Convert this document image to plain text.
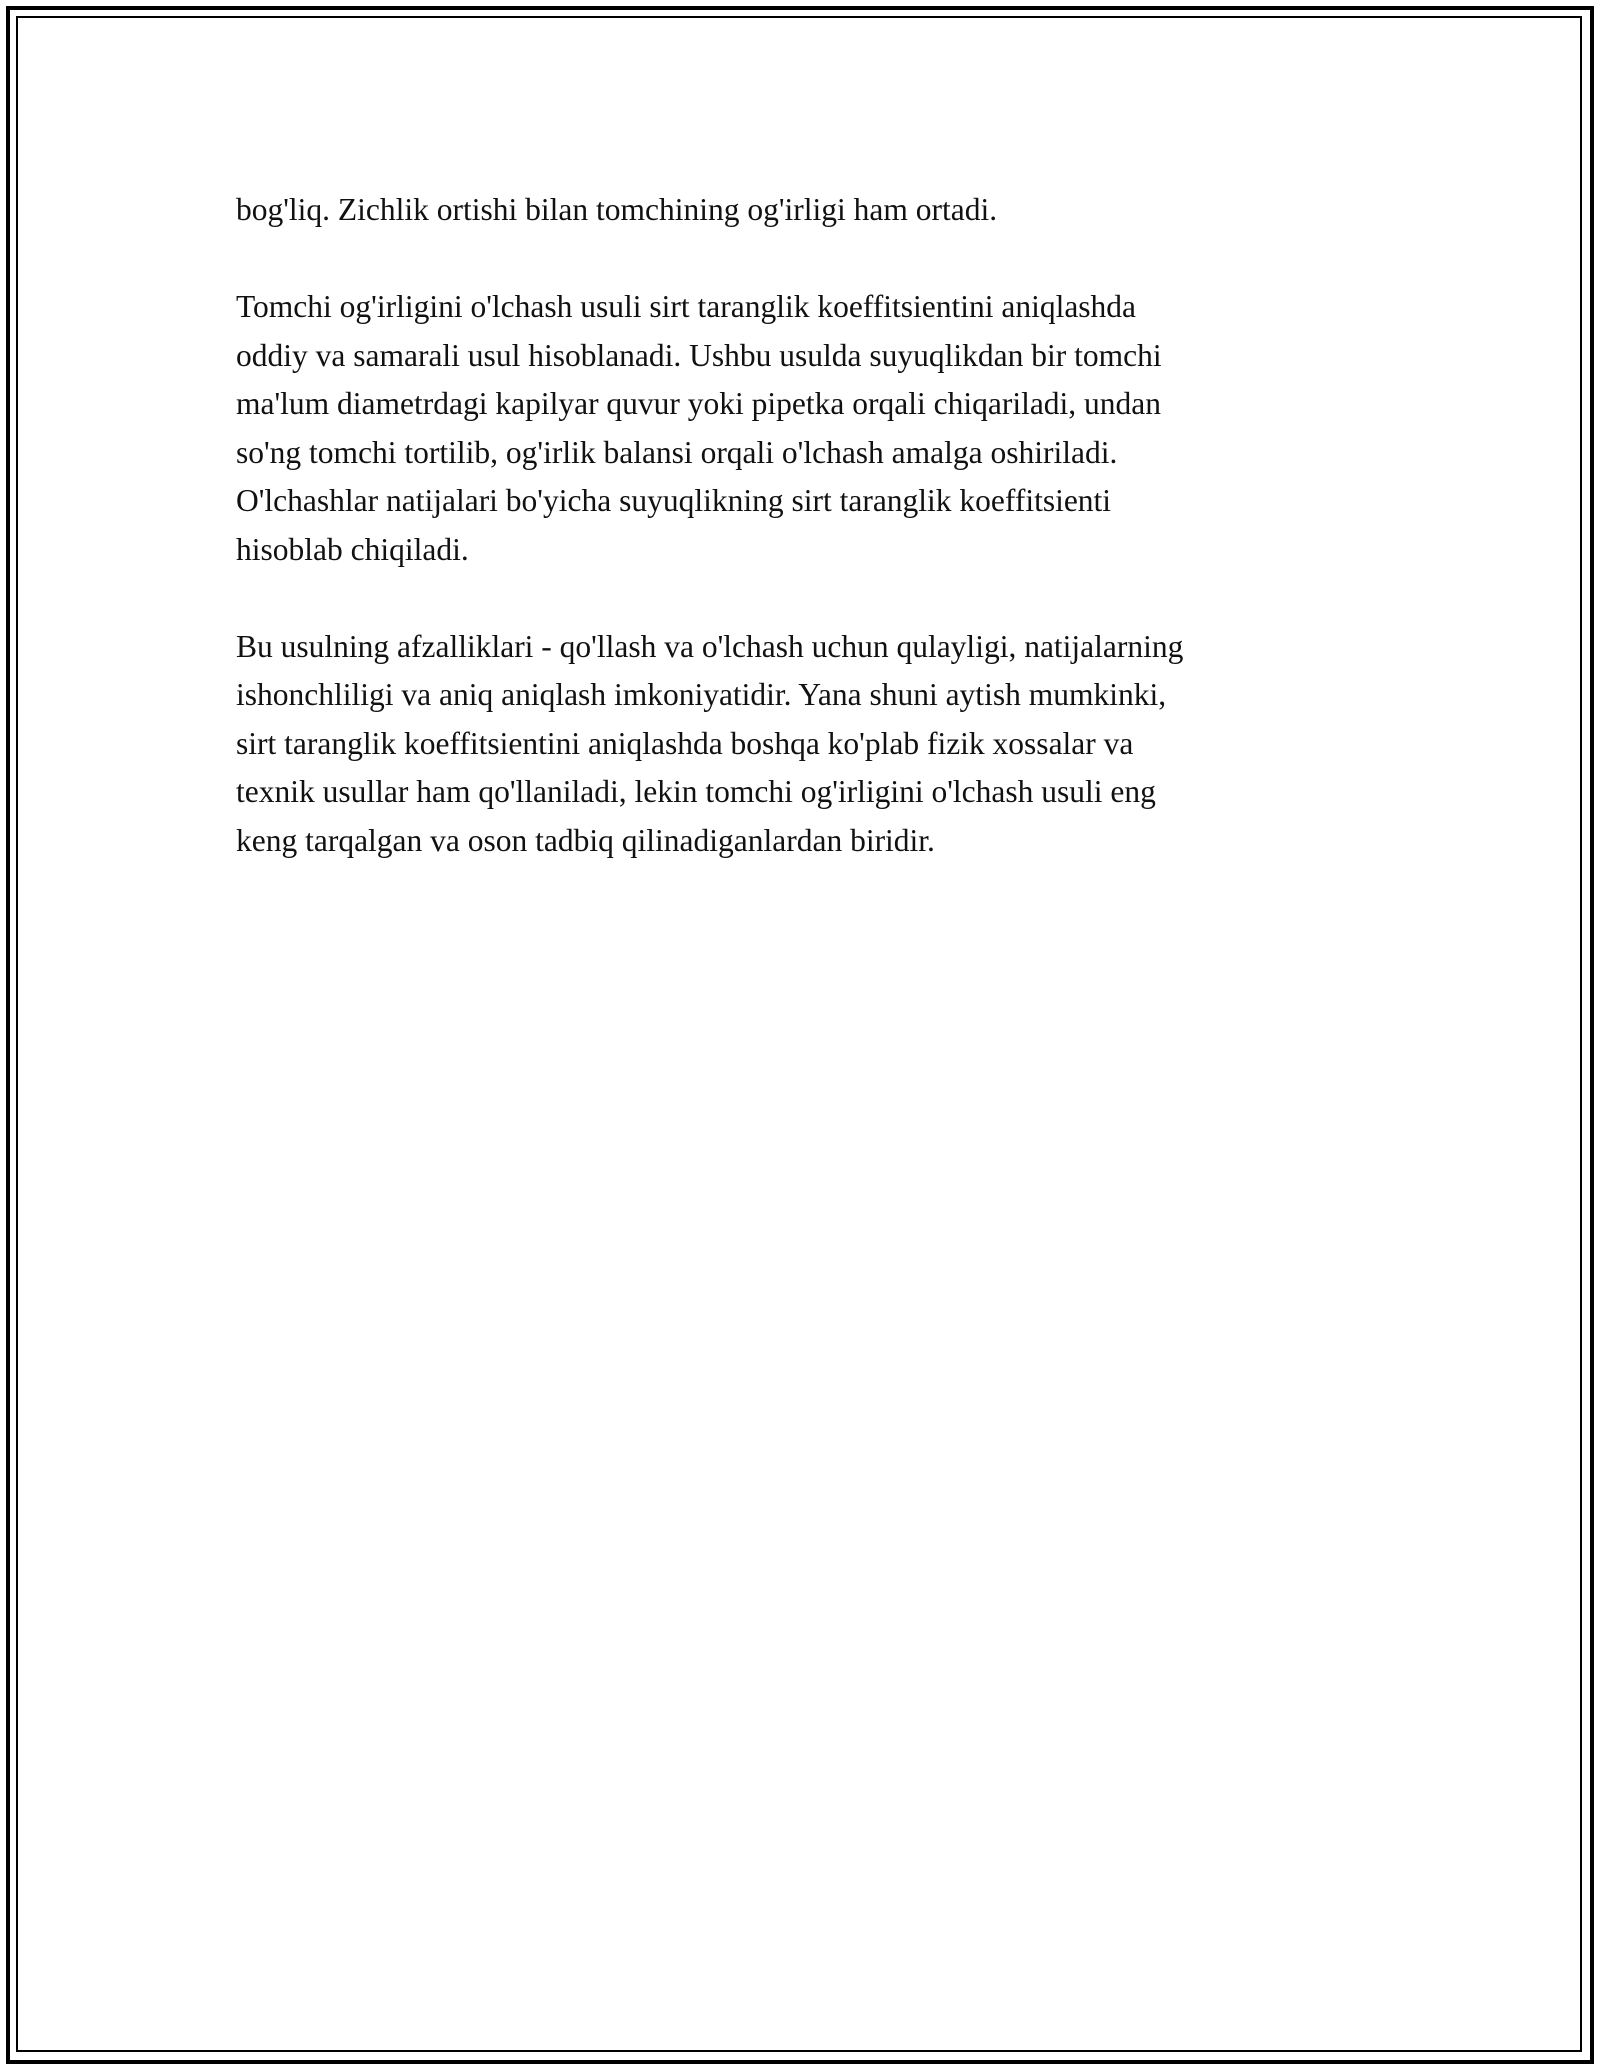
bog'liq. Zichlik ortishi bilan tomchining og'irligi ham ortadi.

Tomchi og'irligini o'lchash usuli sirt taranglik koeffitsientini aniqlashda
oddiy va samarali usul hisoblanadi. Ushbu usulda suyuqlikdan bir tomchi
ma'lum diametrdagi kapilyar quvur yoki pipetka orqali chiqariladi, undan
so'ng tomchi tortilib, og'irlik balansi orqali o'lchash amalga oshiriladi.
O'lchashlar natijalari bo'yicha suyuqlikning sirt taranglik koeffitsienti
hisoblab chiqiladi.

Bu usulning afzalliklari - qo'llash va o'lchash uchun qulayligi, natijalarning
ishonchliligi va aniq aniqlash imkoniyatidir. Yana shuni aytish mumkinki,
sirt taranglik koeffitsientini aniqlashda boshqa ko'plab fizik xossalar va
texnik usullar ham qo'llaniladi, lekin tomchi og'irligini o'lchash usuli eng
keng tarqalgan va oson tadbiq qilinadiganlardan biridir.
